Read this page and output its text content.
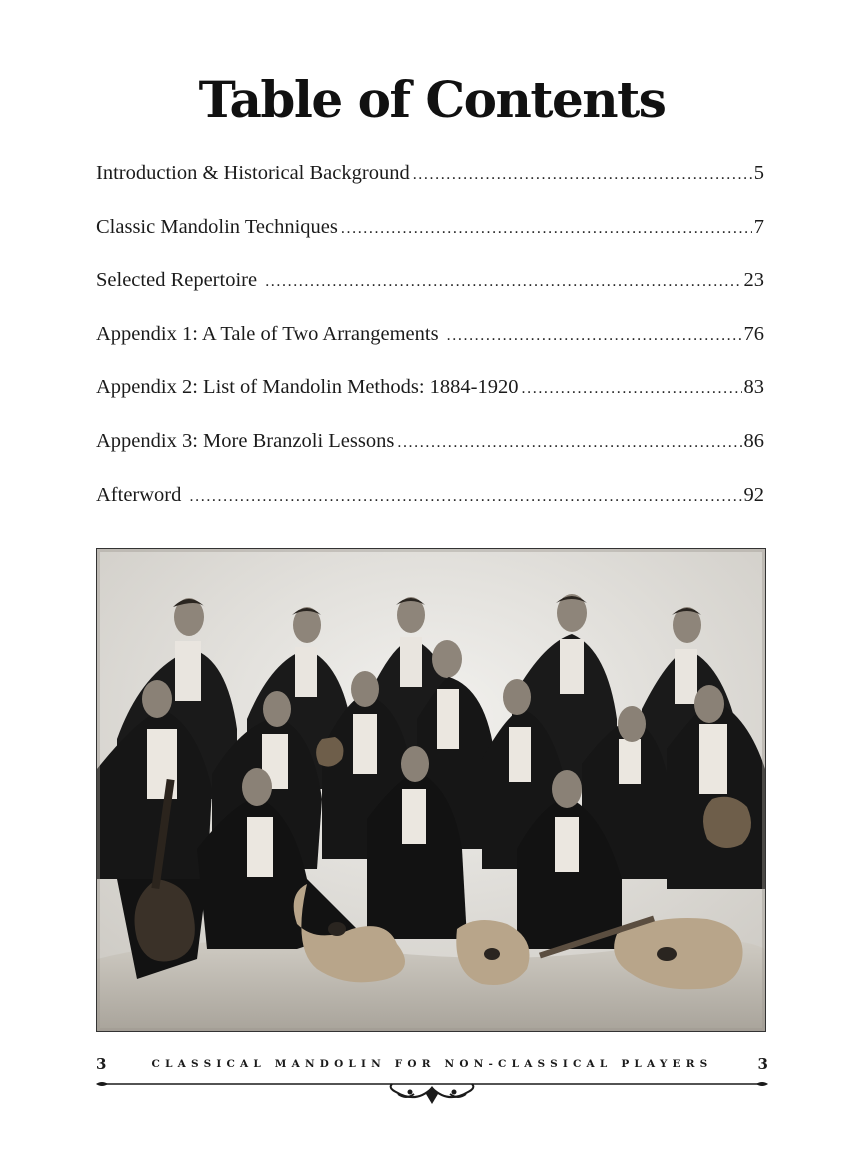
Table of Contents
Introduction & Historical Background .....	5
Classic Mandolin Techniques .....	7
Selected Repertoire .....	23
Appendix 1: A Tale of Two Arrangements .....	76
Appendix 2: List of Mandolin Methods: 1884-1920 .....	83
Appendix 3: More Branzoli Lessons .....	86
Afterword .....	92
3	CLASSICAL MANDOLIN FOR NON-CLASSICAL PLAYERS	3
